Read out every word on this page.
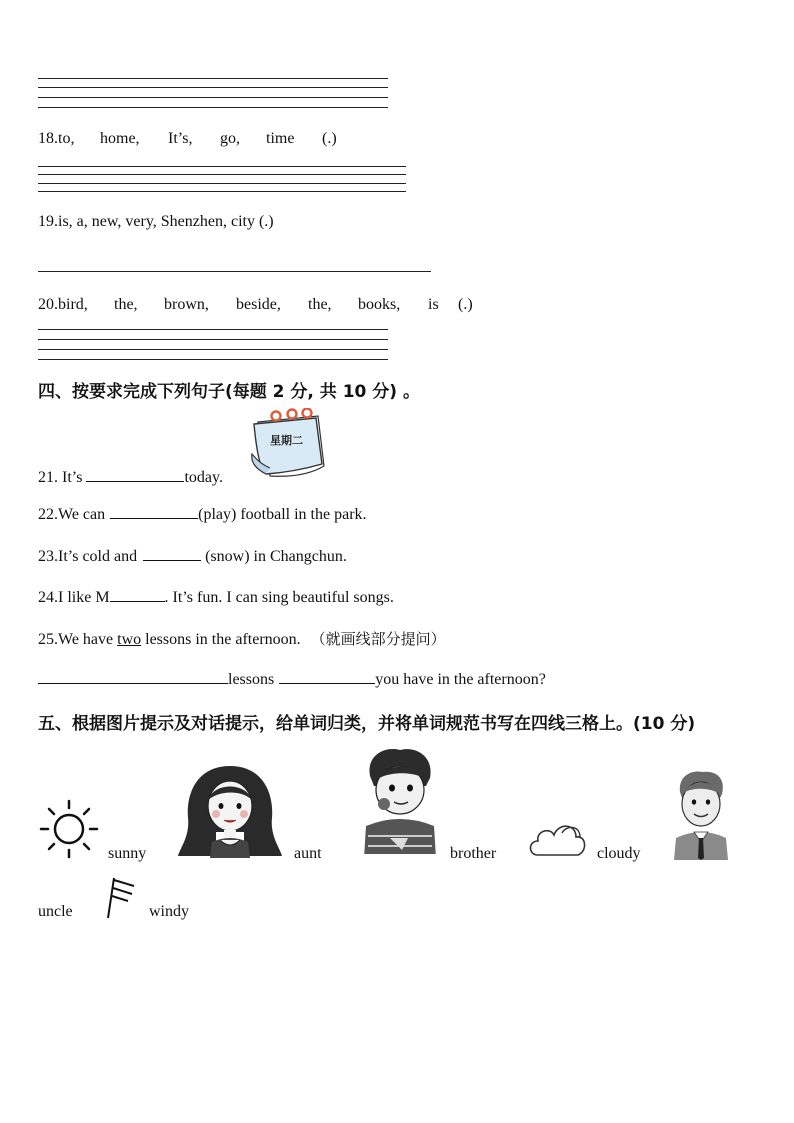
18.to, home, It’s, go, time (.)
19.is, a, new, very, Shenzhen, city (.)
20.bird, the, brown, beside, the, books, is (.)
四、按要求完成下列句子(每题 2 分, 共 10 分) 。
星期二
21. It’s	today.
22.We can	(play) football in the park.
23.It’s cold and	(snow) in Changchun.
24.I like M	. It’s fun. I can sing beautiful songs.
25.We have two lessons in the afternoon. （就画线部分提问）
lessons	you have in the afternoon?
五、根据图片提示及对话提示，给单词归类，并将单词规范书写在四线三格上。(10 分)
sunny	aunt	brother	cloudy
uncle	windy
